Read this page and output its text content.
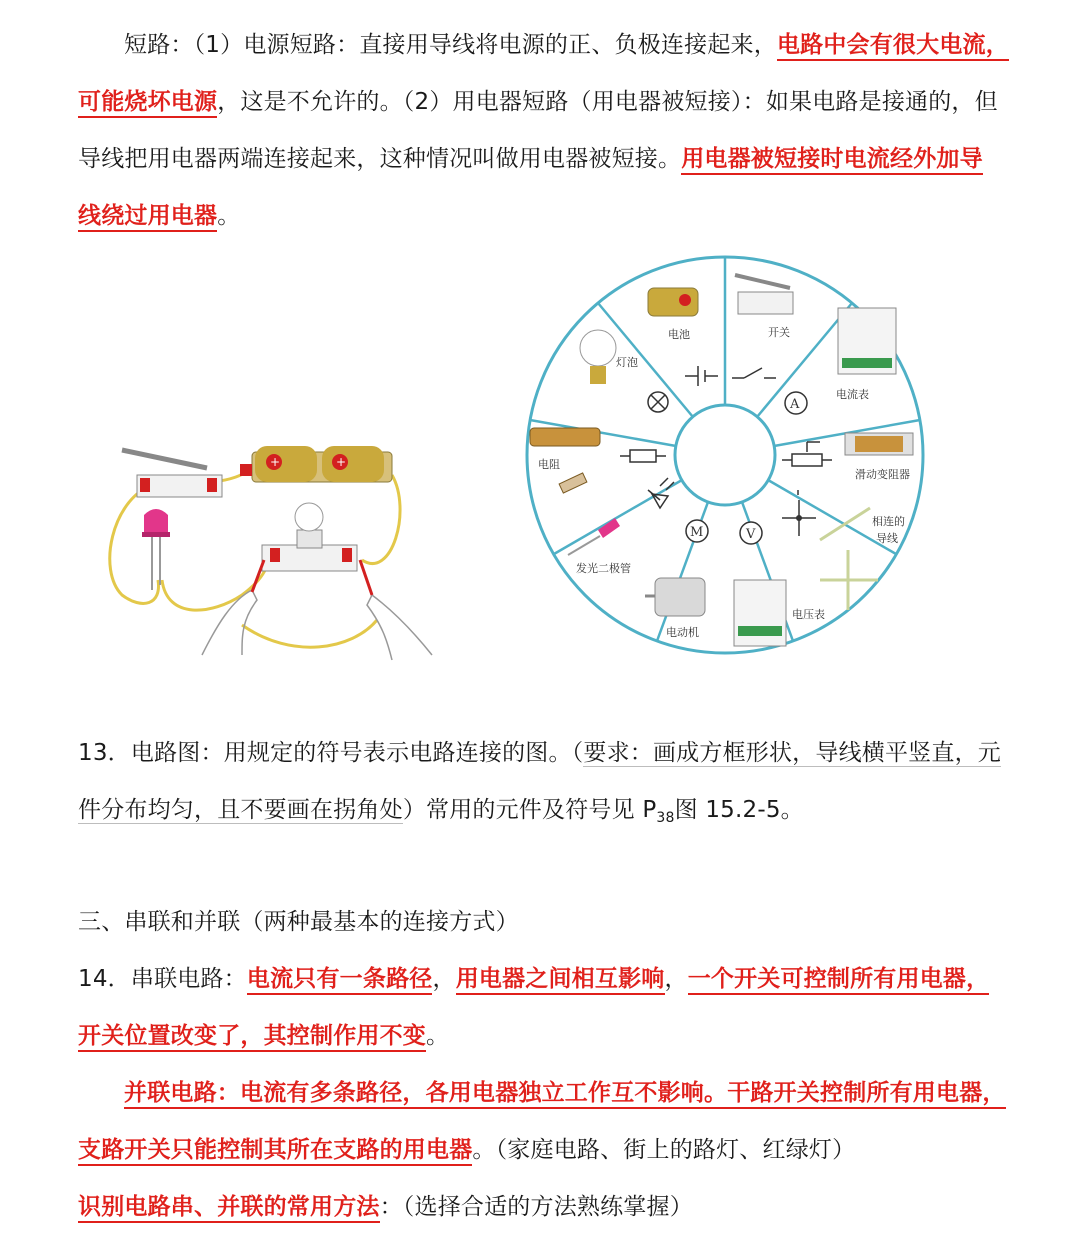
短路：（1）电源短路：直接用导线将电源的正、负极连接起来，电路中会有很大电流，
可能烧坏电源，这是不允许的。（2）用电器短路（用电器被短接）：如果电路是接通的，但
导线把用电器两端连接起来，这种情况叫做用电器被短接。用电器被短接时电流经外加导
线绕过用电器。
+	+
电池	开关
电流表
A
滑动变阻器
相连的
导线
电压表
V
电动机
M
发光二极管
电阻
灯泡
13．电路图：用规定的符号表示电路连接的图。（要求：画成方框形状，导线横平竖直，元
件分布均匀，且不要画在拐角处）常用的元件及符号见 $P_{38}$图 15.2-5。
三、串联和并联（两种最基本的连接方式）
14．串联电路：电流只有一条路径，用电器之间相互影响，一个开关可控制所有用电器，
开关位置改变了，其控制作用不变。
并联电路：电流有多条路径，各用电器独立工作互不影响。干路开关控制所有用电器，
支路开关只能控制其所在支路的用电器。（家庭电路、街上的路灯、红绿灯）
识别电路串、并联的常用方法：（选择合适的方法熟练掌握）
